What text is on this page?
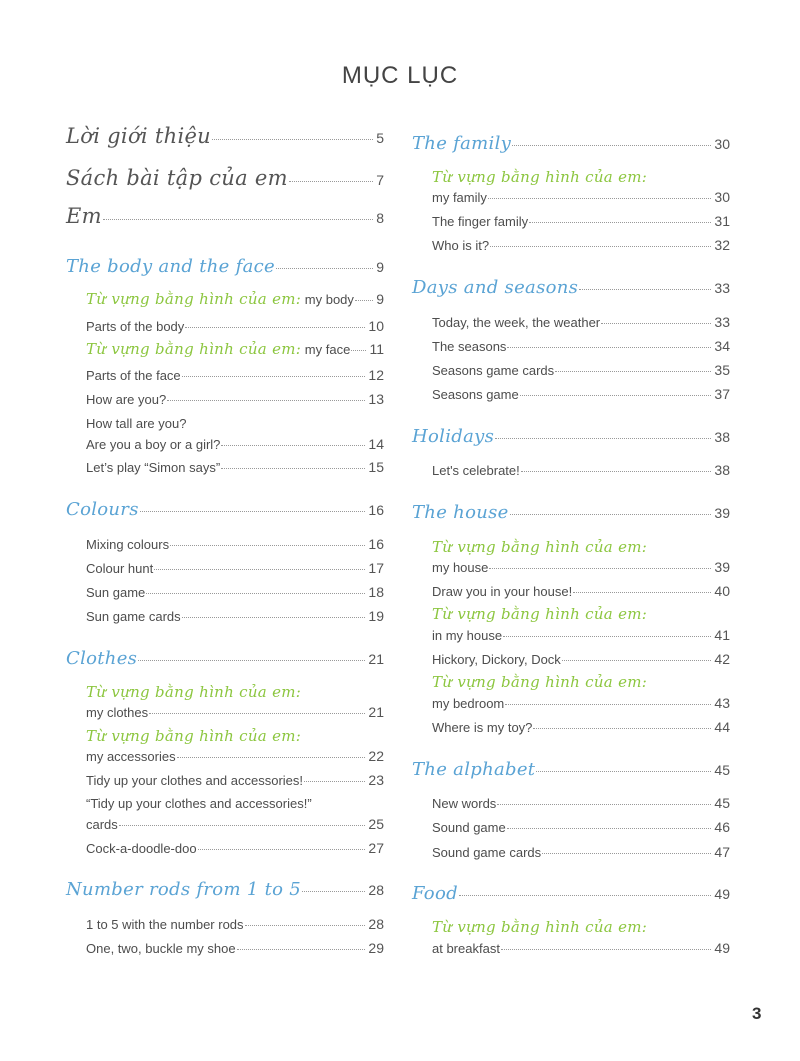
MỤC LỤC
Lời giới thiệu	5
Sách bài tập của em	7
Em	8
The body and the face	9
Từ vựng bằng hình của em: my body 9
Parts of the body	10
Từ vựng bằng hình của em: my face 11
Parts of the face	12
How are you?	13
How tall are you?
Are you a boy or a girl?	14
Let’s play “Simon says”	15
Colours	16
Mixing colours	16
Colour hunt	17
Sun game	18
Sun game cards	19
Clothes	21
Từ vựng bằng hình của em:
my clothes	21
Từ vựng bằng hình của em:
my accessories	22
Tidy up your clothes and accessories!	23
“Tidy up your clothes and accessories!”
cards	25
Cock-a-doodle-doo	27
Number rods from 1 to 5	28
1 to 5 with the number rods	28
One, two, buckle my shoe	29
The family	30
Từ vựng bằng hình của em:
my family	30
The finger family	31
Who is it?	32
Days and seasons	33
Today, the week, the weather	33
The seasons	34
Seasons game cards	35
Seasons game	37
Holidays	38
Let's celebrate!	38
The house	39
Từ vựng bằng hình của em:
my house	39
Draw you in your house!	40
Từ vựng bằng hình của em:
in my house	41
Hickory, Dickory, Dock	42
Từ vựng bằng hình của em:
my bedroom	43
Where is my toy?	44
The alphabet	45
New words	45
Sound game	46
Sound game cards	47
Food	49
Từ vựng bằng hình của em:
at breakfast	49
3
